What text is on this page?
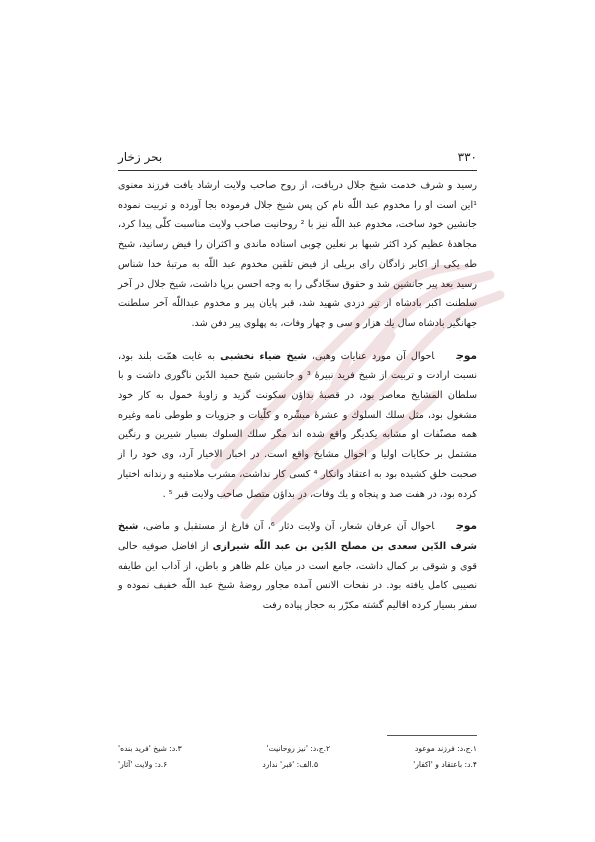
۳۳۰
بحر زخار

رسید و شرف خدمت شیخ جلال دریافت، از روح صاحب ولایت ارشاد یافت فرزند معنوی ¹این است او را مخدوم عبد اللّه نام کن پس شیخ جلال فرموده بجا آورده و تربیت نموده جانشین خود ساخت، مخدوم عبد اللّه نیز با ² روحانیت صاحب ولایت مناسبت کلّی پیدا کرد، مجاهدهٔ عظیم کرد اکثر شبها بر نعلین چوبی استاده ماندی و اکثران را فیض رسانید، شیخ طه یکی از اکابر زادگان رای بریلی از فیض تلقین مخدوم عبد اللّه به مرتبهٔ خدا شناس رسید بعد پیر جانشین شد و حقوق سجّادگی را به وجه احسن برپا داشت، شیخ جلال در آخر سلطنت اکبر بادشاه از تیر دزدی شهید شد، قبر پایان پیر و مخدوم عبداللّه آخر سلطنت جهانگیر بادشاه سال یك هزار و سی و چهار وفات، به پهلوی پیر دفن شد.

موجاحوال آن مورد عنایات وهبی، شیخ ضیاء نخشبی به غایت همّت بلند بود، نسبت ارادت و تربیت از شیخ فرید نبیرهٔ ³ و جانشین شیخ حمید الدّین ناگوری داشت و با سلطان المشایخ معاصر بود، در قصبهٔ بداؤن سکونت گزید و زاویهٔ خمول به کار خود مشغول بود، مثل سلك السلوك و عشرهٔ مبشّره و کلّیات و جزویات و طوطی نامه وغیره همه مصنّفات او مشابه یکدیگر واقع شده اند مگر سلك السلوك بسیار شیرین و رنگین مشتمل بر حکایات اولیا و احوال مشایخ واقع است. در اخبار الاخیار آرد، وی خود را از صحبت خلق کشیده بود به اعتقاد وانکار ⁴ کسی کار نداشت، مشرب ملامتیه و رندانه اختیار کرده بود، در هفت صد و پنجاه و یك وفات، در بداؤن متصل صاحب ولایت قبر ⁵ .

موجاحوال آن عرفان شعار، آن ولایت دثار ⁶، آن فارغ از مستقبل و ماضی، شیخ شرف الدّین سعدی بن مصلح الدّین بن عبد اللّه شیرازی از افاضل صوفیه حالی قوی و شوقی بر کمال داشت، جامع است در میان علم ظاهر و باطن، از آداب این طایفه نصیبی کامل یافته بود. در نفحات الانس آمده مجاور روضهٔ شیخ عبد اللّه خفیف نموده و سفر بسیار کرده اقالیم گشته مکرّر به حجاز پیاده رفت

۱.ج،د: فرزند موعود
۲.ج،د: 'نیز روحانیت'
۳.د: شیخ 'فرید بنده'
۴.د: باعتقاد و 'اکفار'
۵.الف: 'قبر' ندارد
۶.د: ولایت 'آثار'
